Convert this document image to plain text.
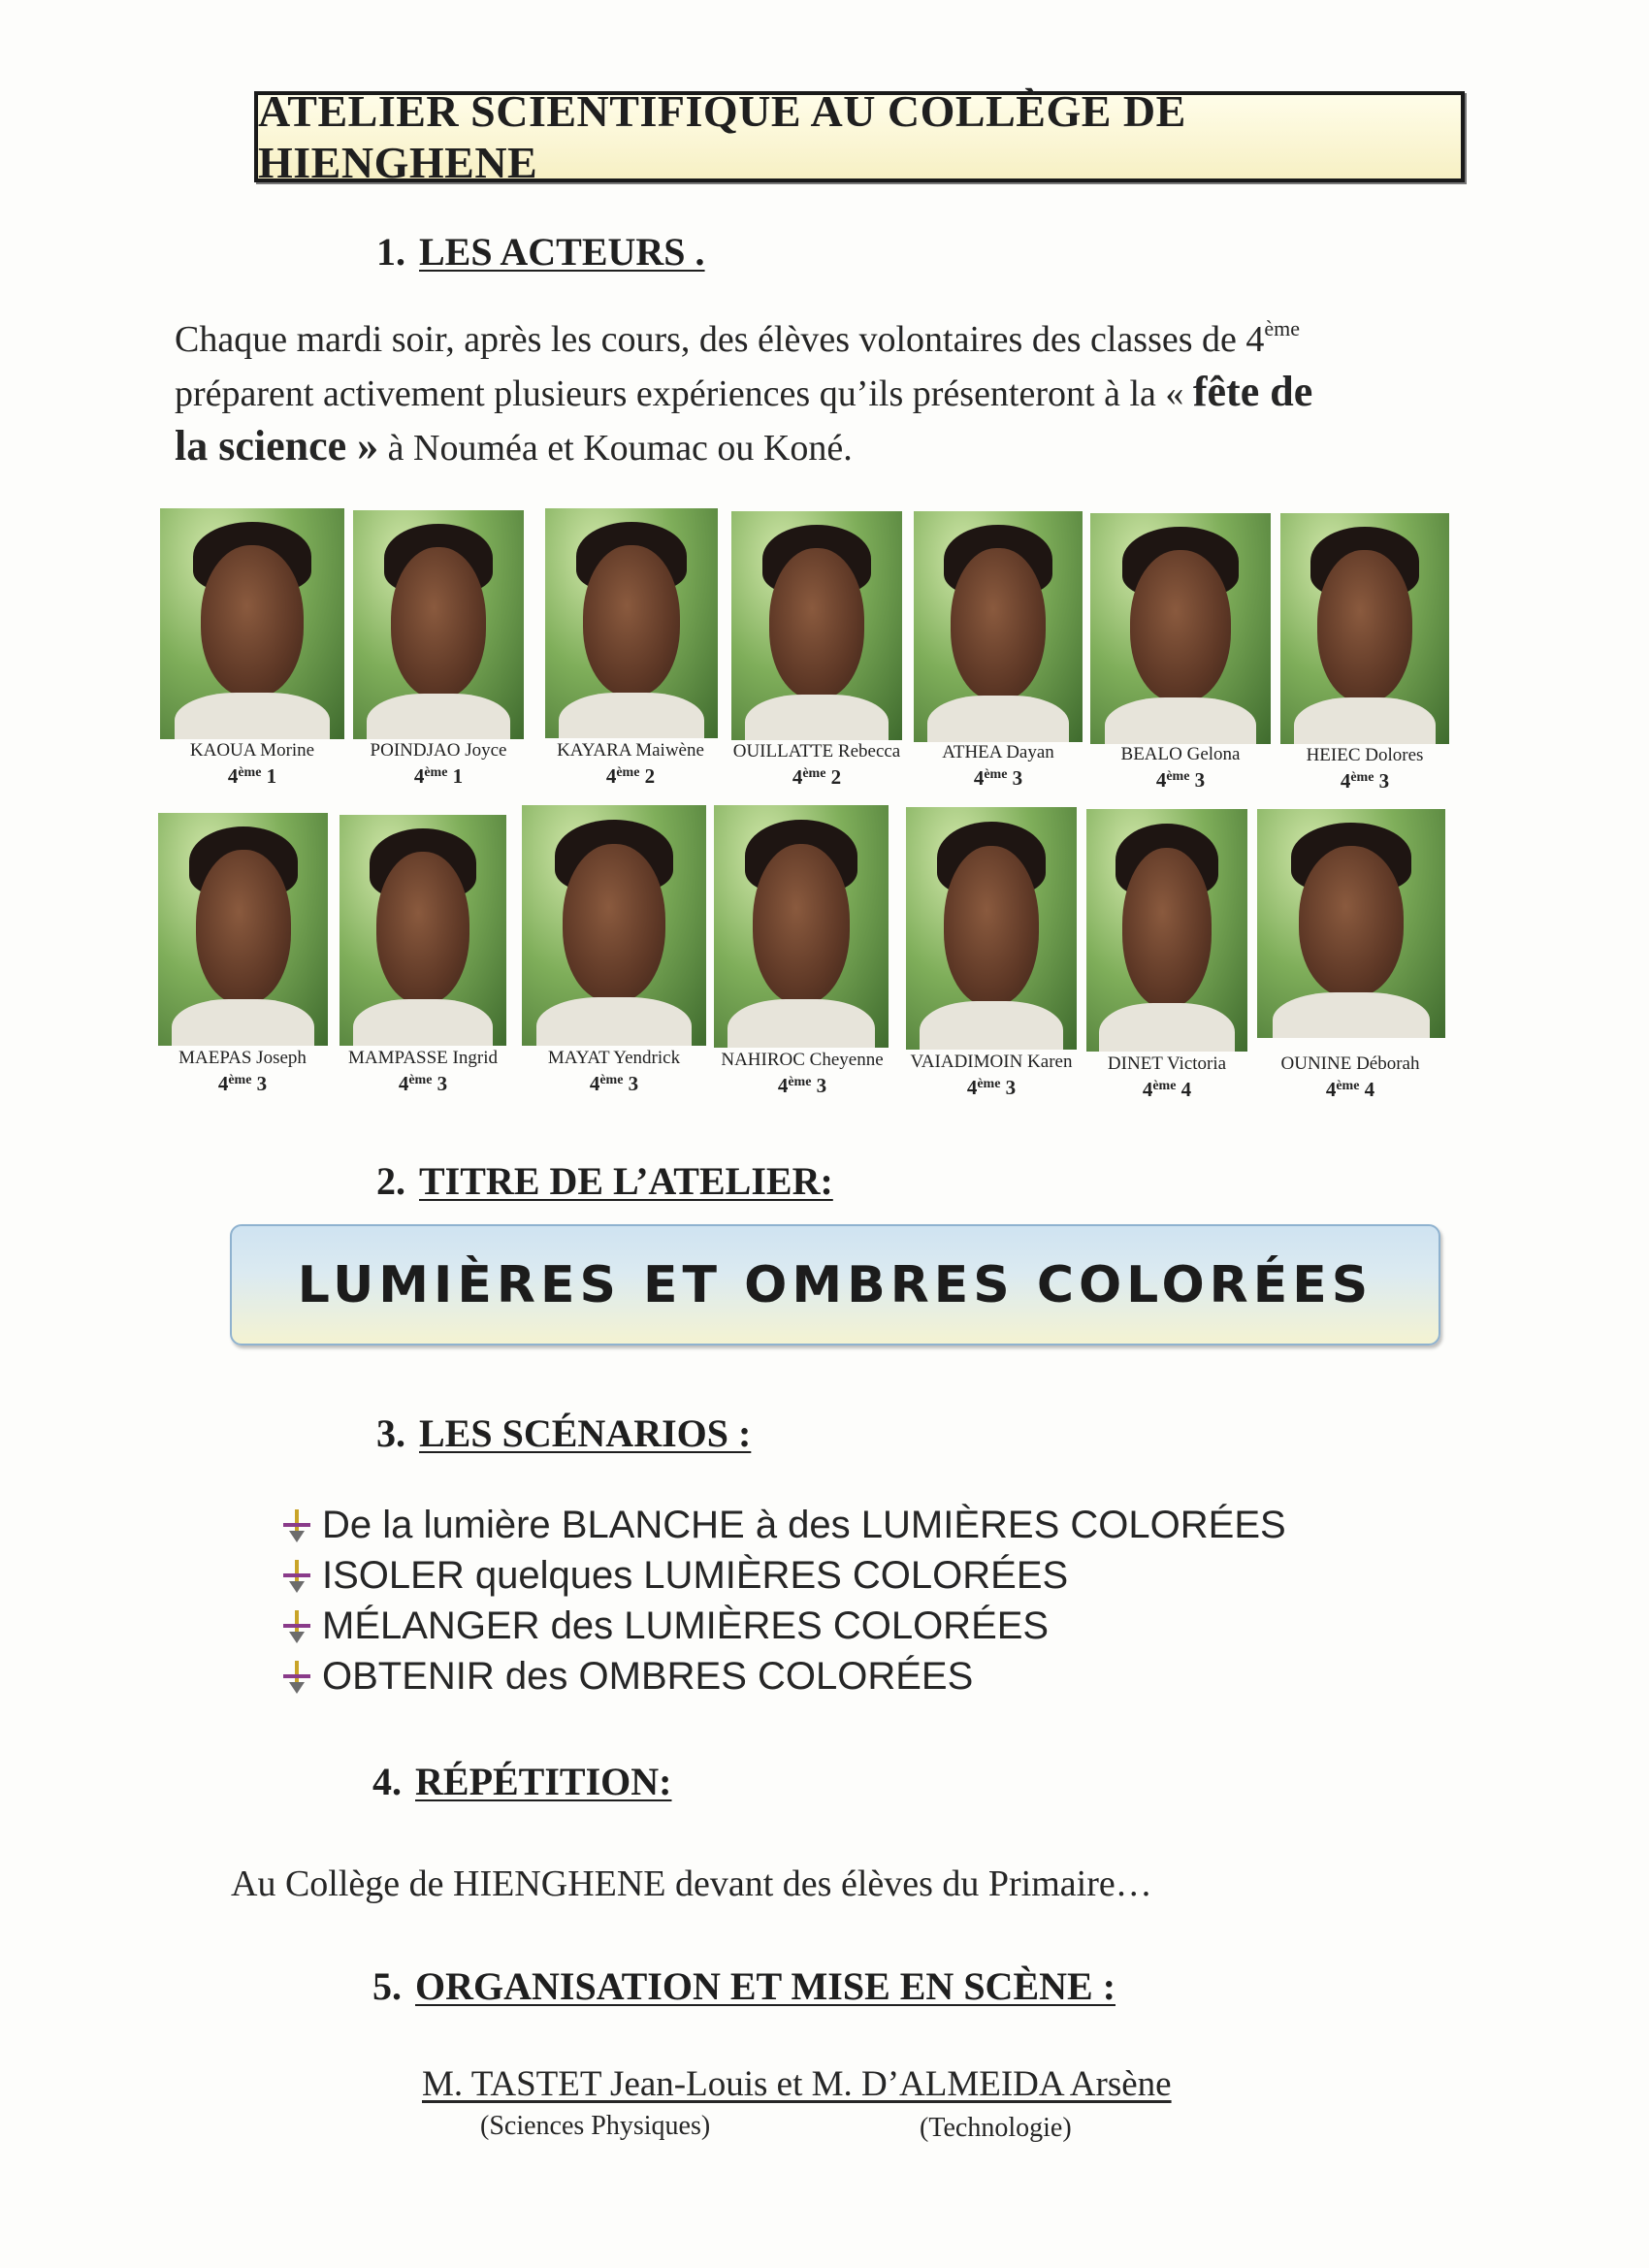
ATELIER SCIENTIFIQUE AU COLLÈGE DE HIENGHENE
1. LES ACTEURS .

Chaque mardi soir, après les cours, des élèves volontaires des classes de 4ème

préparent activement plusieurs expériences qu’ils présenteront à la « fête de

la science » à Nouméa et Koumac ou Koné.

KAOUA Morine
4ème 1
POINDJAO Joyce
4ème 1
KAYARA Maiwène
4ème 2
OUILLATTE Rebecca
4ème 2
ATHEA Dayan
4ème 3
BEALO Gelona
4ème 3
HEIEC Dolores
4ème 3
MAEPAS Joseph
4ème 3
MAMPASSE Ingrid
4ème 3
MAYAT Yendrick
4ème 3
NAHIROC Cheyenne
4ème 3
VAIADIMOIN Karen
4ème 3
DINET Victoria
4ème 4
OUNINE Déborah
4ème 4
2. TITRE DE L’ATELIER:
LUMIÈRES ET OMBRES COLORÉES
3. LES SCÉNARIOS :
De la lumière BLANCHE à des LUMIÈRES COLORÉES
ISOLER quelques LUMIÈRES COLORÉES
MÉLANGER des LUMIÈRES COLORÉES
OBTENIR des OMBRES COLORÉES
4. RÉPÉTITION:
Au Collège de HIENGHENE devant des élèves du Primaire…
5. ORGANISATION ET MISE EN SCÈNE :
M. TASTET Jean-Louis et M. D’ALMEIDA Arsène
(Sciences Physiques)	(Technologie)
